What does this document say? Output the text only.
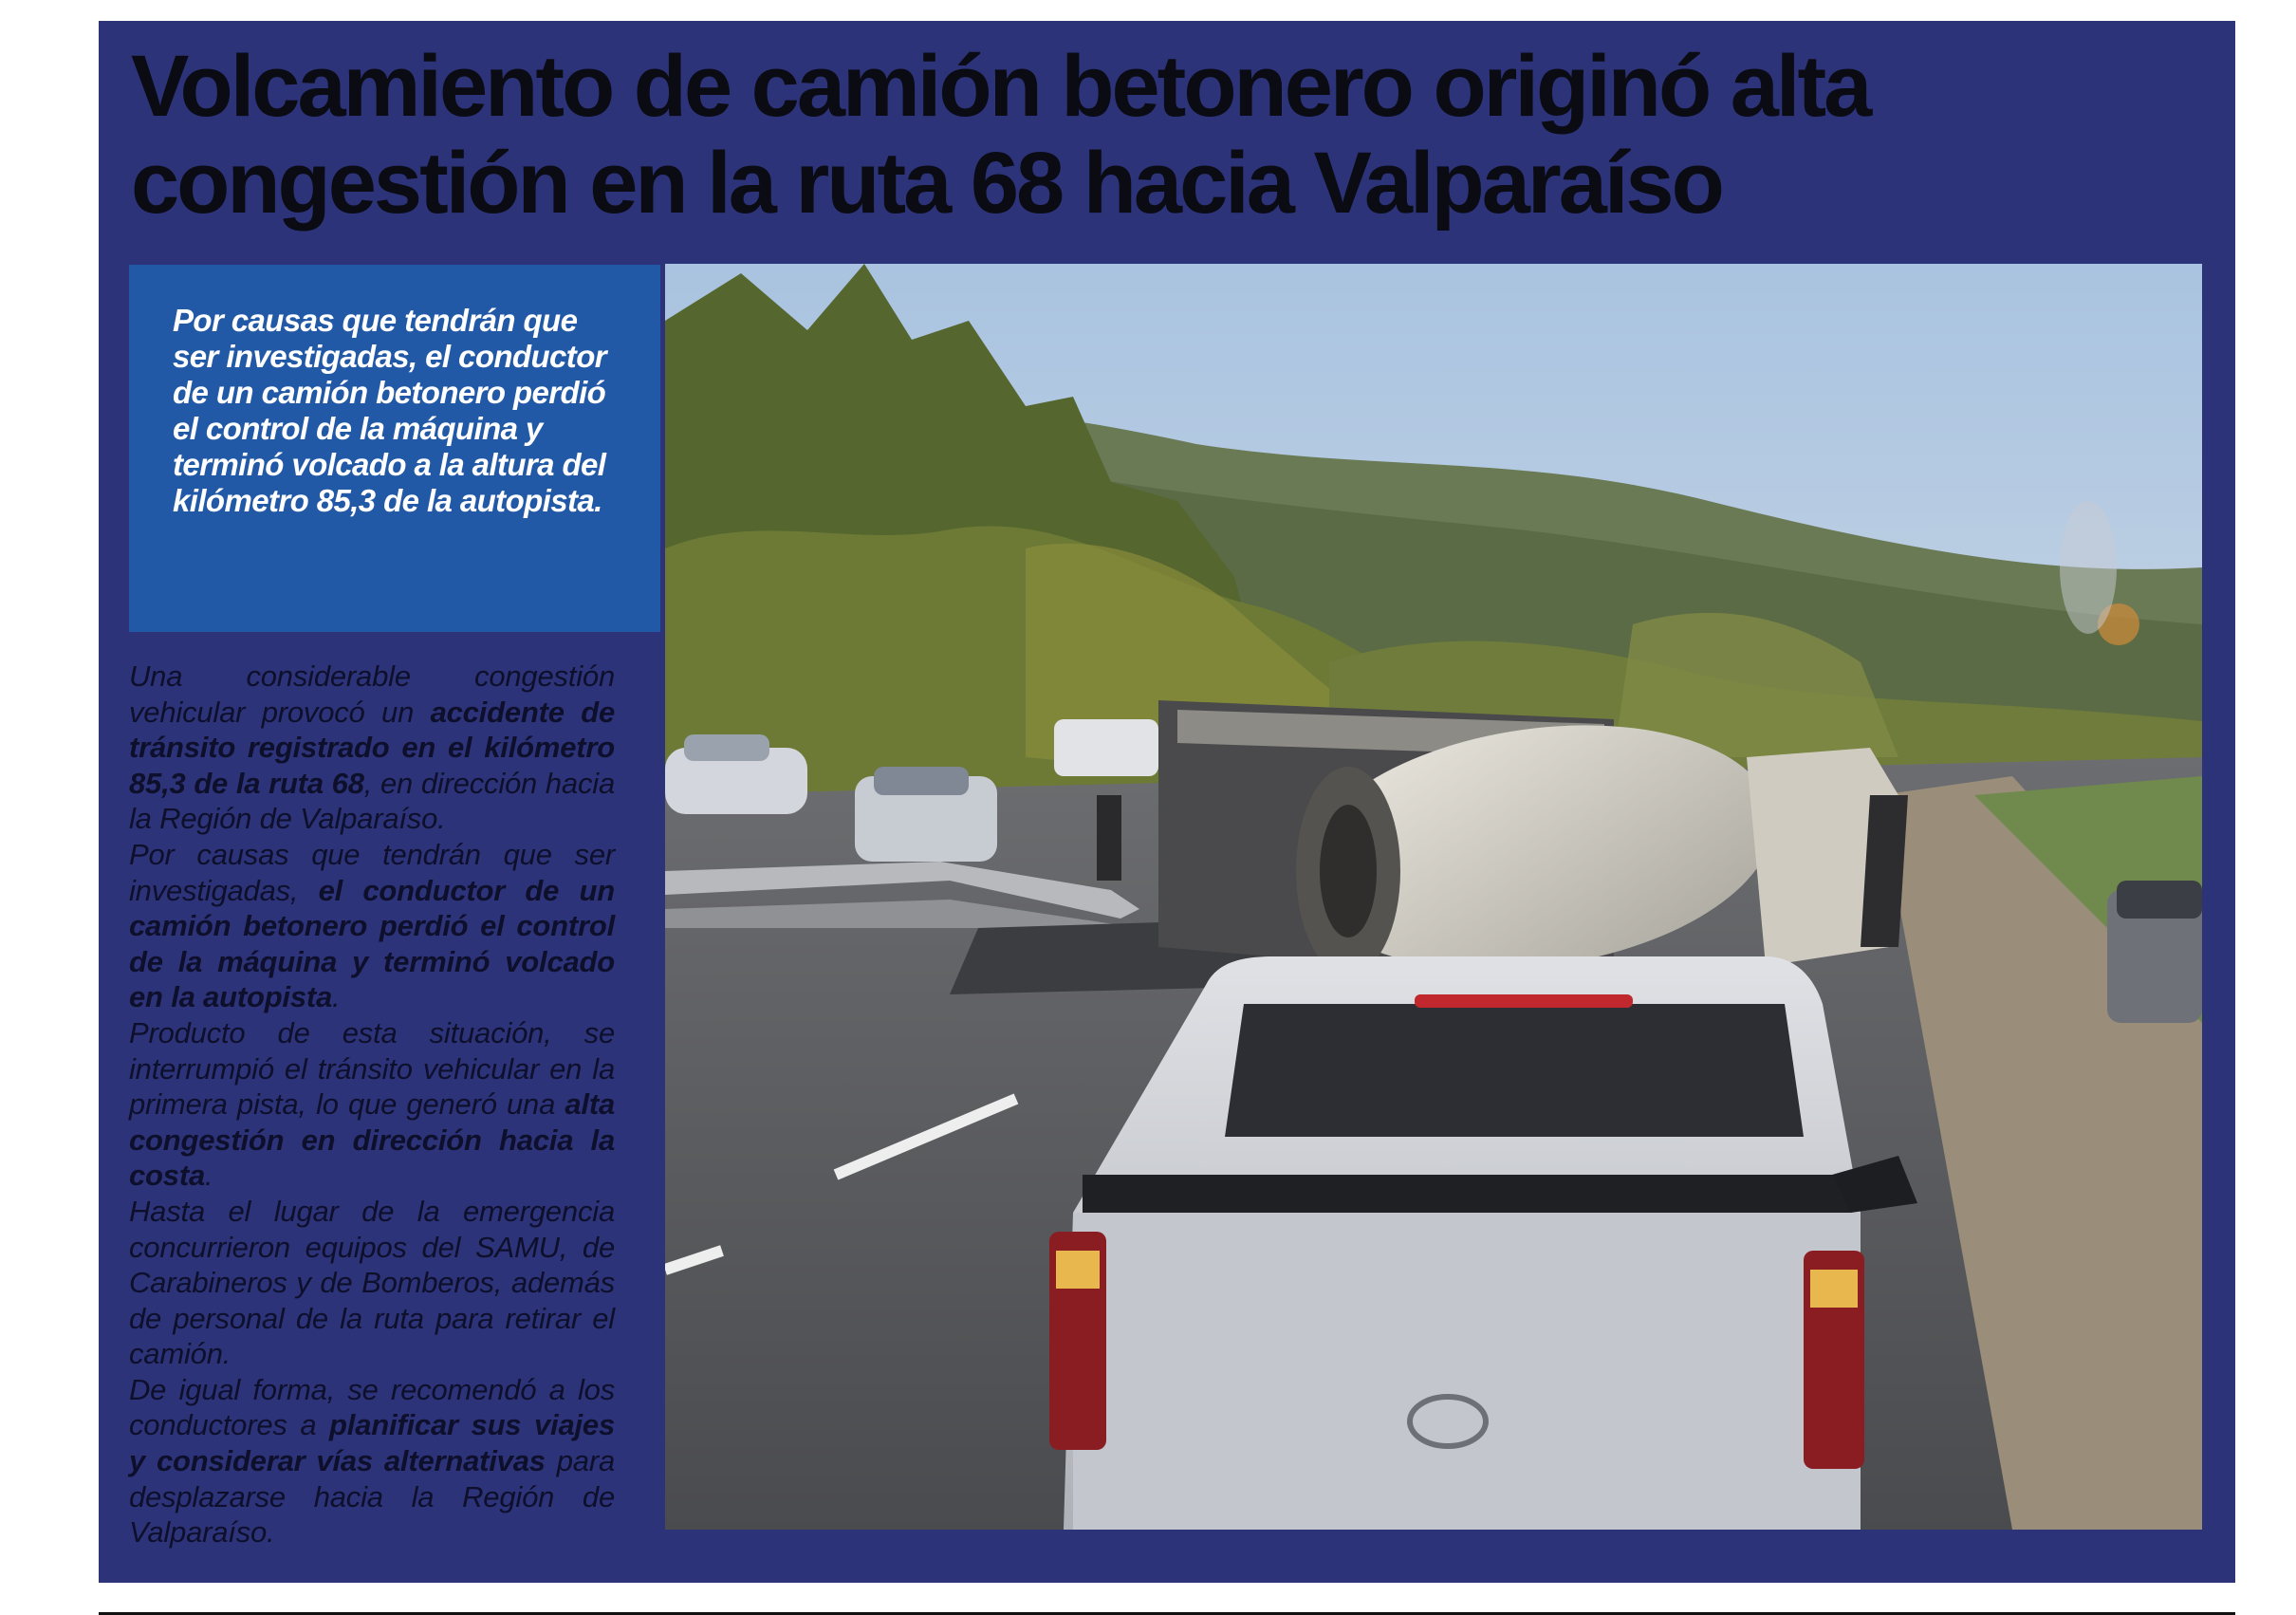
Volcamiento de camión betonero originó alta congestión en la ruta 68 hacia Valparaíso

Por causas que tendrán que ser investigadas, el conductor de un camión betonero perdió el control de la máquina y terminó volcado a la altura del kilómetro 85,3 de la autopista.

Una considerable congestión vehicular provocó un accidente de tránsito registrado en el kilómetro 85,3 de la ruta 68, en dirección hacia la Región de Valparaíso.

Por causas que tendrán que ser investigadas, el conductor de un camión betonero perdió el control de la máquina y terminó volcado en la autopista.

Producto de esta situación, se interrumpió el tránsito vehicular en la primera pista, lo que generó una alta congestión en dirección hacia la costa.

Hasta el lugar de la emergencia concurrieron equipos del SAMU, de Carabineros y de Bomberos, además de personal de la ruta para retirar el camión.

De igual forma, se recomendó a los conductores a planificar sus viajes y considerar vías alternativas para desplazarse hacia la Región de Valparaíso.
